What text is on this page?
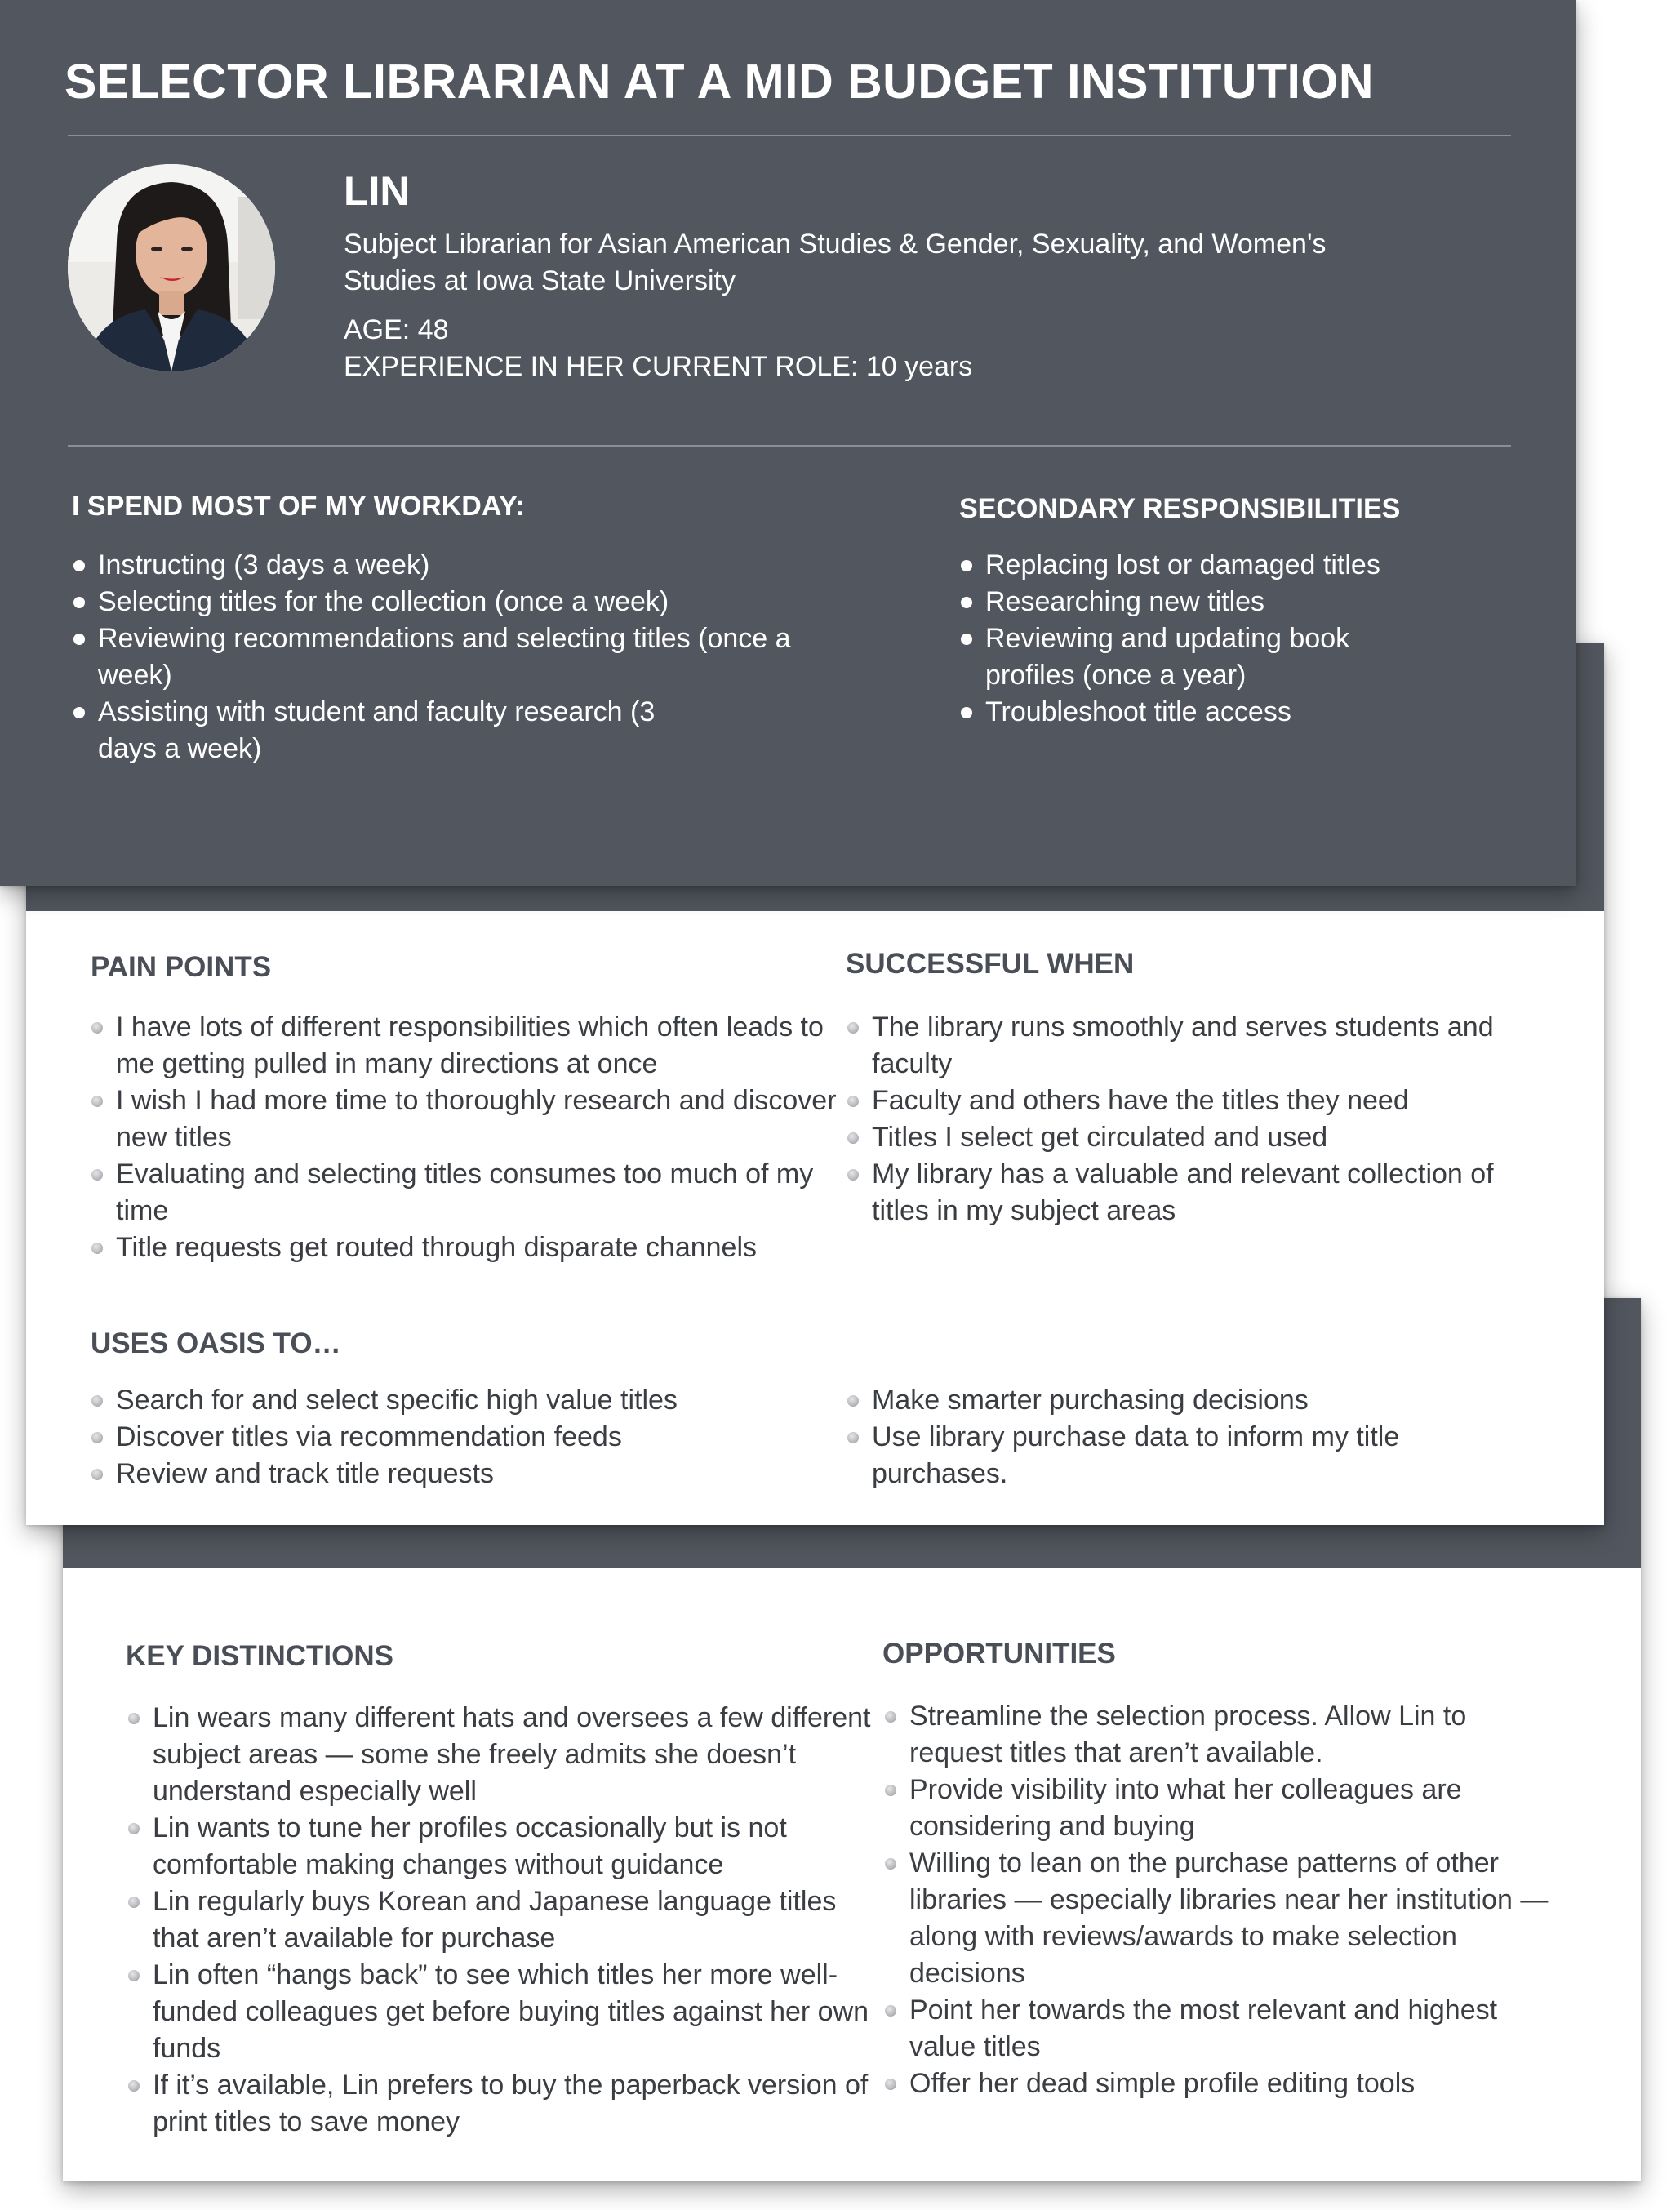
KEY DISTINCTIONS
Lin wears many different hats and oversees a few different subject areas — some she freely admits she doesn’t understand especially well
Lin wants to tune her profiles occasionally but is not comfortable making changes without guidance
Lin regularly buys Korean and Japanese language titles that aren’t available for purchase
Lin often “hangs back” to see which titles her more well-funded colleagues get before buying titles against her own funds
If it’s available, Lin prefers to buy the paperback version of print titles to save money
OPPORTUNITIES
Streamline the selection process. Allow Lin to request titles that aren’t available.
Provide visibility into what her colleagues are considering and buying
Willing to lean on the purchase patterns of other libraries — especially libraries near her institution — along with reviews/awards to make selection decisions
Point her towards the most relevant and highest value titles
Offer her dead simple profile editing tools
PAIN POINTS
I have lots of different responsibilities which often leads to me getting pulled in many directions at once
I wish I had more time to thoroughly research and discover new titles
Evaluating and selecting titles consumes too much of my time
Title requests get routed through disparate channels
SUCCESSFUL WHEN
The library runs smoothly and serves students and faculty
Faculty and others have the titles they need
Titles I select get circulated and used
My library has a valuable and relevant collection of titles in my subject areas
USES OASIS TO…
Search for and select specific high value titles
Discover titles via recommendation feeds
Review and track title requests
Make smarter purchasing decisions
Use library purchase data to inform my title purchases.
SELECTOR LIBRARIAN AT A MID BUDGET INSTITUTION
LIN
Subject Librarian for Asian American Studies & Gender, Sexuality, and Women's
Studies at Iowa State University
AGE: 48
EXPERIENCE IN HER CURRENT ROLE: 10 years
I SPEND MOST OF MY WORKDAY:
Instructing (3 days a week)
Selecting titles for the collection (once a week)
Reviewing recommendations and selecting titles (once a week)
Assisting with student and faculty research (3 days a week)
SECONDARY RESPONSIBILITIES
Replacing lost or damaged titles
Researching new titles
Reviewing and updating book profiles (once a year)
Troubleshoot title access
